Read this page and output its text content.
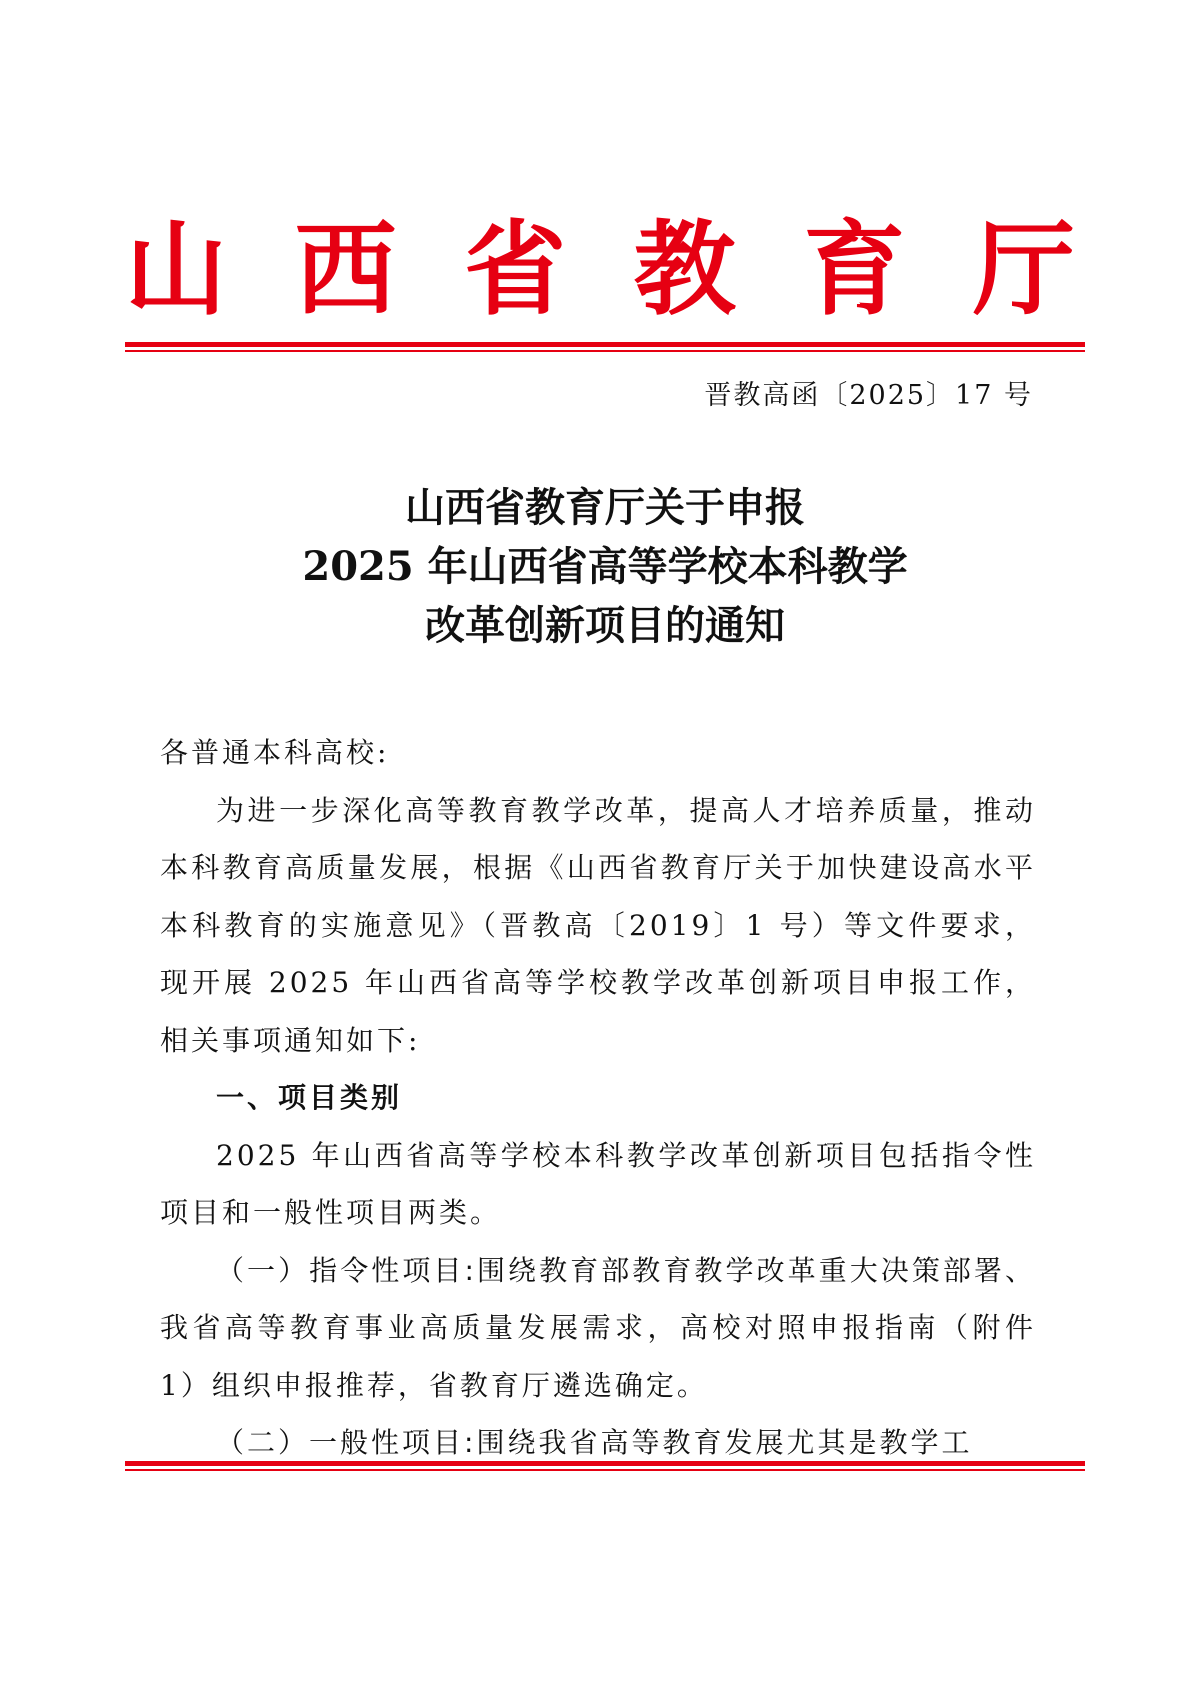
山 西 省 教 育 厅
晋教高函〔2025〕17 号
山西省教育厅关于申报
2025 年山西省高等学校本科教学
改革创新项目的通知

各普通本科高校:

为进一步深化高等教育教学改革，提高人才培养质量，推动本科教育高质量发展，根据《山西省教育厅关于加快建设高水平本科教育的实施意见》（晋教高〔2019〕1 号）等文件要求，现开展 2025 年山西省高等学校教学改革创新项目申报工作，相关事项通知如下:

一、项目类别

2025 年山西省高等学校本科教学改革创新项目包括指令性项目和一般性项目两类。

（一）指令性项目:围绕教育部教育教学改革重大决策部署、我省高等教育事业高质量发展需求，高校对照申报指南（附件 1）组织申报推荐，省教育厅遴选确定。

（二）一般性项目:围绕我省高等教育发展尤其是教学工
